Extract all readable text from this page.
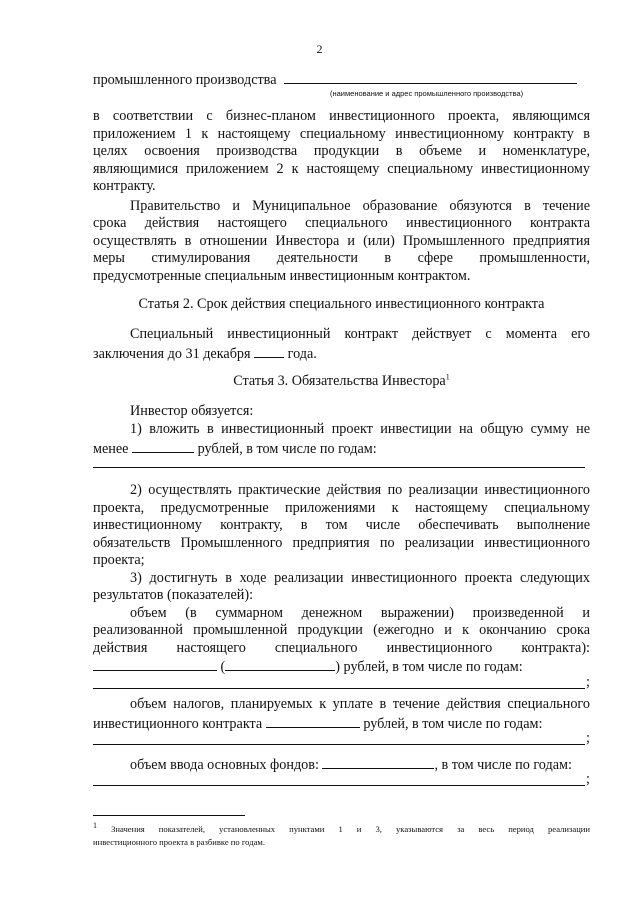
2
промышленного производства
(наименование и адрес промышленного производства)
в соответствии с бизнес-планом инвестиционного проекта, являющимся
приложением 1 к настоящему специальному инвестиционному контракту в
целях освоения производства продукции в объеме и номенклатуре,
являющимися приложением 2 к настоящему специальному инвестиционному
контракту.
Правительство и Муниципальное образование обязуются в течение
срока действия настоящего специального инвестиционного контракта
осуществлять в отношении Инвестора и (или) Промышленного предприятия
меры стимулирования деятельности в сфере промышленности,
предусмотренные специальным инвестиционным контрактом.
Статья 2. Срок действия специального инвестиционного контракта
Специальный инвестиционный контракт действует с момента его
заключения до 31 декабря	года.
Статья 3. Обязательства Инвестора$^1$
Инвестор обязуется:
1) вложить в инвестиционный проект инвестиции на общую сумму не
менее	рублей, в том числе по годам:
2) осуществлять практические действия по реализации инвестиционного
проекта, предусмотренные приложениями к настоящему специальному
инвестиционному контракту, в том числе обеспечивать выполнение
обязательств Промышленного предприятия по реализации инвестиционного
проекта;
3) достигнуть в ходе реализации инвестиционного проекта следующих
результатов (показателей):
объем (в суммарном денежном выражении) произведенной и
реализованной промышленной продукции (ежегодно и к окончанию срока
действия настоящего специального инвестиционного контракта):
(	) рублей, в том числе по годам:
;
объем налогов, планируемых к уплате в течение действия специального
инвестиционного контракта	рублей, в том числе по годам:
;
объем ввода основных фондов:	, в том числе по годам:
;
$^1$ Значения показателей, установленных пунктами 1 и 3, указываются за весь период реализации
инвестиционного проекта в разбивке по годам.
